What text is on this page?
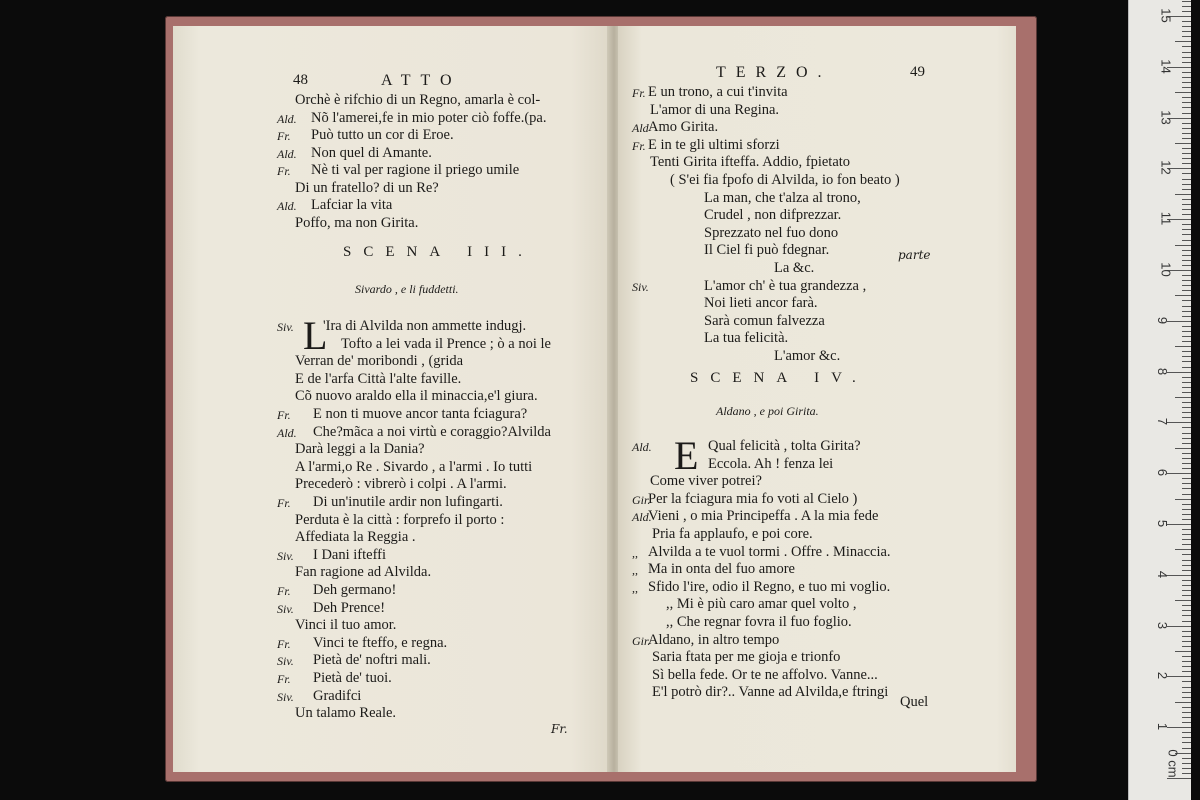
48	ATTO
Orchè è rifchio di un Regno, amarla è col-
Ald. Nõ l'amerei,fe in mio poter ciò foffe.(pa.
Fr. Può tutto un cor di Eroe.
Ald. Non quel di Amante.
Fr. Nè ti val per ragione il priego umile
Di un fratello? di un Re?
Ald. Lafciar la vita
Poffo, ma non Girita.
SCENA III.
Sivardo , e li fuddetti.
L
Siv. 'Ira di Alvilda non ammette indugj.
Tofto a lei vada il Prence ; ò a noi le
Verran de' moribondi , (grida
E de l'arfa Città l'alte faville.
Cõ nuovo araldo ella il minaccia,e'l giura.
Fr. E non ti muove ancor tanta fciagura?
Ald. Che?mãca a noi virtù e coraggio?Alvilda
Darà leggi a la Dania?
A l'armi,o Re . Sivardo , a l'armi . Io tutti
Precederò : vibrerò i colpi . A l'armi.
Fr. Di un'inutile ardir non lufingarti.
Perduta è la città : forprefo il porto :
Affediata la Reggia .
Siv. I Dani ifteffi
Fan ragione ad Alvilda.
Fr. Deh germano!
Siv. Deh Prence!
Vinci il tuo amor.
Fr. Vinci te fteffo, e regna.
Siv. Pietà de' noftri mali.
Fr. Pietà de' tuoi.
Siv. Gradifci
Un talamo Reale.
Fr.
TERZO.	49
Fr. E un trono, a cui t'invita
L'amor di una Regina.
Ald Amo Girita.
Fr. E in te gli ultimi sforzi
Tenti Girita ifteffa. Addio, fpietato
( S'ei fia fpofo di Alvilda, io fon beato )
La man, che t'alza al trono,
Crudel , non difprezzar.
Sprezzato nel fuo dono
Il Ciel fi può fdegnar.
La &c.
Siv.	L'amor ch' è tua grandezza ,
Noi lieti ancor farà.
Sarà comun falvezza
La tua felicità.
L'amor &c.
parte
SCENA IV.
Aldano , e poi Girita.
E
Ald.	Qual felicità , tolta Girita?
Eccola. Ah ! fenza lei
Come viver potrei?
Gir.
Per la fciagura mia fo voti al Cielo )
Ald.
Vieni , o mia Principeffa . A la mia fede
Pria fa applaufo, e poi core.
,, Alvilda a te vuol tormi . Offre . Minaccia.
,, Ma in onta del fuo amore
,, Sfido l'ire, odio il Regno, e tuo mi voglio.
,, Mi è più caro amar quel volto ,
,, Che regnar fovra il fuo foglio.
Gir.
Aldano, in altro tempo
Saria ftata per me gioja e trionfo
Sì bella fede. Or te ne affolvo. Vanne...
E'l potrò dir?.. Vanne ad Alvilda,e ftringi
Quel
0 cm
1
2
3
4
5
6
7
8
9
10
11
12
13
14
15
